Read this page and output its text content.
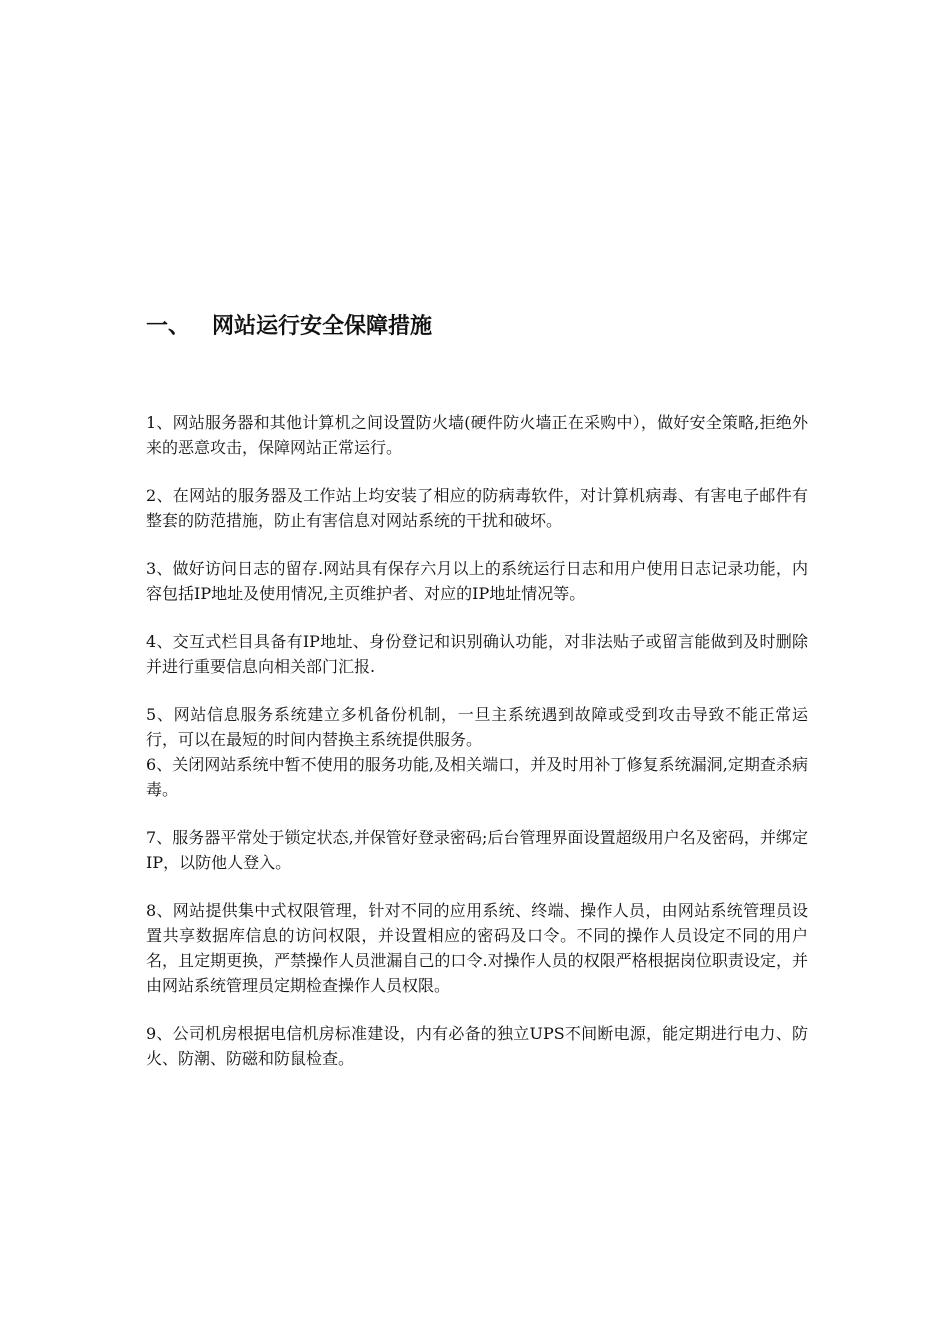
一、 网站运行安全保障措施

1、网站服务器和其他计算机之间设置防火墙(硬件防火墙正在采购中），做好安全策略,拒绝外来的恶意攻击，保障网站正常运行。

2、在网站的服务器及工作站上均安装了相应的防病毒软件，对计算机病毒、有害电子邮件有整套的防范措施，防止有害信息对网站系统的干扰和破坏。

3、做好访问日志的留存.网站具有保存六月以上的系统运行日志和用户使用日志记录功能，内容包括IP地址及使用情况,主页维护者、对应的IP地址情况等。

4、交互式栏目具备有IP地址、身份登记和识别确认功能，对非法贴子或留言能做到及时删除并进行重要信息向相关部门汇报.

5、网站信息服务系统建立多机备份机制，一旦主系统遇到故障或受到攻击导致不能正常运行，可以在最短的时间内替换主系统提供服务。

6、关闭网站系统中暂不使用的服务功能,及相关端口，并及时用补丁修复系统漏洞,定期查杀病毒。

7、服务器平常处于锁定状态,并保管好登录密码;后台管理界面设置超级用户名及密码，并绑定IP，以防他人登入。

8、网站提供集中式权限管理，针对不同的应用系统、终端、操作人员，由网站系统管理员设置共享数据库信息的访问权限，并设置相应的密码及口令。不同的操作人员设定不同的用户名，且定期更换，严禁操作人员泄漏自己的口令.对操作人员的权限严格根据岗位职责设定，并由网站系统管理员定期检查操作人员权限。

9、公司机房根据电信机房标准建设，内有必备的独立UPS不间断电源，能定期进行电力、防火、防潮、防磁和防鼠检查。
